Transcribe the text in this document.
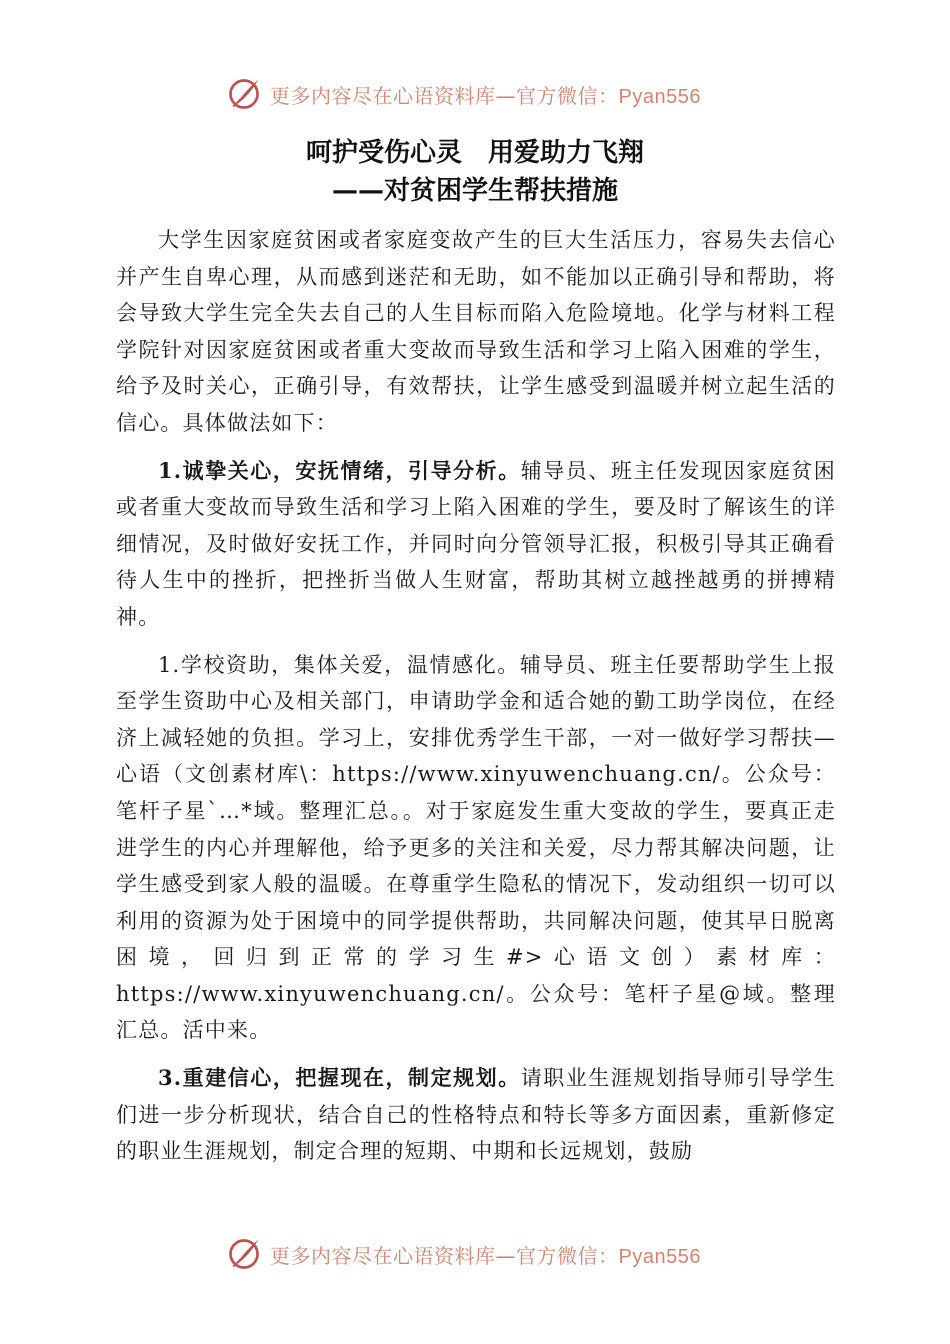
更多内容尽在心语资料库—官方微信：Pyan556
呵护受伤心灵　用爱助力飞翔
——对贫困学生帮扶措施

大学生因家庭贫困或者家庭变故产生的巨大生活压力，容易失去信心并产生自卑心理，从而感到迷茫和无助，如不能加以正确引导和帮助，将会导致大学生完全失去自己的人生目标而陷入危险境地。化学与材料工程学院针对因家庭贫困或者重大变故而导致生活和学习上陷入困难的学生，给予及时关心，正确引导，有效帮扶，让学生感受到温暖并树立起生活的信心。具体做法如下：

1.诚挚关心，安抚情绪，引导分析。辅导员、班主任发现因家庭贫困或者重大变故而导致生活和学习上陷入困难的学生，要及时了解该生的详细情况，及时做好安抚工作，并同时向分管领导汇报，积极引导其正确看待人生中的挫折，把挫折当做人生财富，帮助其树立越挫越勇的拼搏精神。

1.学校资助，集体关爱，温情感化。辅导员、班主任要帮助学生上报至学生资助中心及相关部门，申请助学金和适合她的勤工助学岗位，在经济上减轻她的负担。学习上，安排优秀学生干部，一对一做好学习帮扶—心语（文创素材库\：https://www.xinyuwenchuang.cn/。公众号：笔杆子星`…*域。整理汇总。。对于家庭发生重大变故的学生，要真正走进学生的内心并理解他，给予更多的关注和关爱，尽力帮其解决问题，让学生感受到家人般的温暖。在尊重学生隐私的情况下，发动组织一切可以利用的资源为处于困境中的同学提供帮助，共同解决问题，使其早日脱离困境，回归到正常的学习生#>心语文创）素材库：https://www.xinyuwenchuang.cn/。公众号：笔杆子星@域。整理汇总。活中来。

3.重建信心，把握现在，制定规划。请职业生涯规划指导师引导学生们进一步分析现状，结合自己的性格特点和特长等多方面因素，重新修定的职业生涯规划，制定合理的短期、中期和长远规划，鼓励

更多内容尽在心语资料库—官方微信：Pyan556
